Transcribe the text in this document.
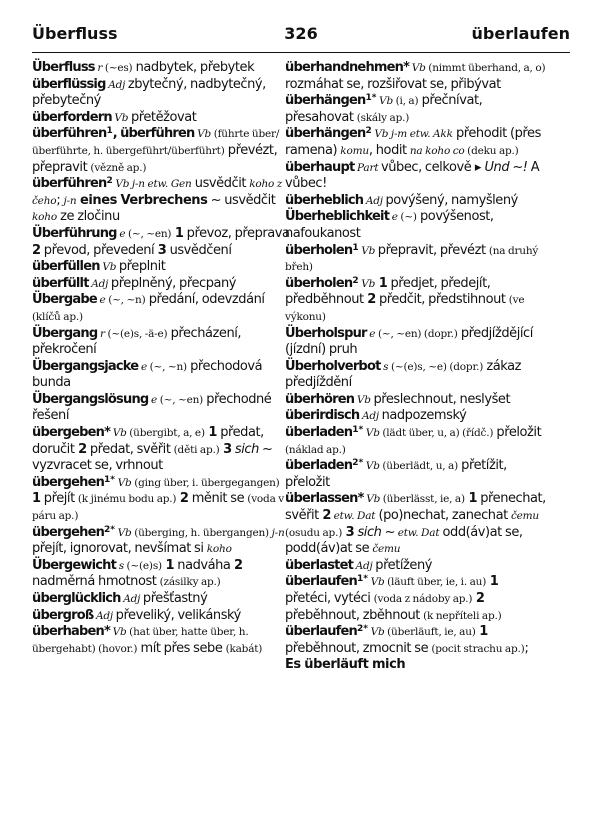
Überfluss	326	überlaufen

Überfluss r (~es) nadbytek, přebytek

überflüssig Adj zbytečný, nadbytečný, přebytečný

überfordern Vb přetěžovat

überführen$^1$, überführen Vb (führte über/überführte, h. übergeführt/überführt) převézt, přepravit (vězně ap.)

überführen$^2$ Vb j-n etw. Gen usvědčit koho z čeho; j-n eines Verbrechens ~ usvědčit koho ze zločinu

Überführung e (~, ~en) 1 převoz, přeprava 2 převod, převedení 3 usvědčení

überfüllen Vb přeplnit

überfüllt Adj přeplněný, přecpaný

Übergabe e (~, ~n) předání, odevzdání (klíčů ap.)

Übergang r (~(e)s, -ä-e) přecházení, překročení

Übergangsjacke e (~, ~n) přechodová bunda

Übergangslösung e (~, ~en) přechodné řešení

übergeben* Vb (übergibt, a, e) 1 předat, doručit 2 předat, svěřit (děti ap.) 3 sich ~ vyzvracet se, vrhnout

übergehen$^{1*}$ Vb (ging über, i. übergegangen) 1 přejít (k jinému bodu ap.) 2 měnit se (voda v páru ap.)

übergehen$^{2*}$ Vb (überging, h. übergangen) j-n přejít, ignorovat, nevšímat si koho

Übergewicht s (~(e)s) 1 nadváha 2 nadměrná hmotnost (zásilky ap.)

überglücklich Adj přešťastný

übergroß Adj převeliký, velikánský

überhaben* Vb (hat über, hatte über, h. übergehabt) (hovor.) mít přes sebe (kabát)

überhandnehmen* Vb (nimmt überhand, a, o) rozmáhat se, rozšiřovat se, přibývat

überhängen$^{1*}$ Vb (i, a) přečnívat, přesahovat (skály ap.)

überhängen$^2$ Vb j-m etw. Akk přehodit (přes ramena) komu, hodit na koho co (deku ap.)

überhaupt Part vůbec, celkově ▸ Und ~! A vůbec!

überheblich Adj povýšený, namyšlený

Überheblichkeit e (~) povýšenost, nafoukanost

überholen$^1$ Vb přepravit, převézt (na druhý břeh)

überholen$^2$ Vb 1 předjet, předejít, předběhnout 2 předčit, předstihnout (ve výkonu)

Überholspur e (~, ~en) (dopr.) předjíždějící (jízdní) pruh

Überholverbot s (~(e)s, ~e) (dopr.) zákaz předjíždění

überhören Vb přeslechnout, neslyšet

überirdisch Adj nadpozemský

überladen$^{1*}$ Vb (lädt über, u, a) (řídč.) přeložit (náklad ap.)

überladen$^{2*}$ Vb (überlädt, u, a) přetížit, přeložit

überlassen* Vb (überlässt, ie, a) 1 přenechat, svěřit 2 etw. Dat (po)nechat, zanechat čemu (osudu ap.) 3 sich ~ etw. Dat odd(áv)at se, podd(áv)at se čemu

überlastet Adj přetížený

überlaufen$^{1*}$ Vb (läuft über, ie, i. au) 1 přetéci, vytéci (voda z nádoby ap.) 2 přeběhnout, zběhnout (k nepříteli ap.)

überlaufen$^{2*}$ Vb (überläuft, ie, au) 1 přeběhnout, zmocnit se (pocit strachu ap.); Es überläuft mich
